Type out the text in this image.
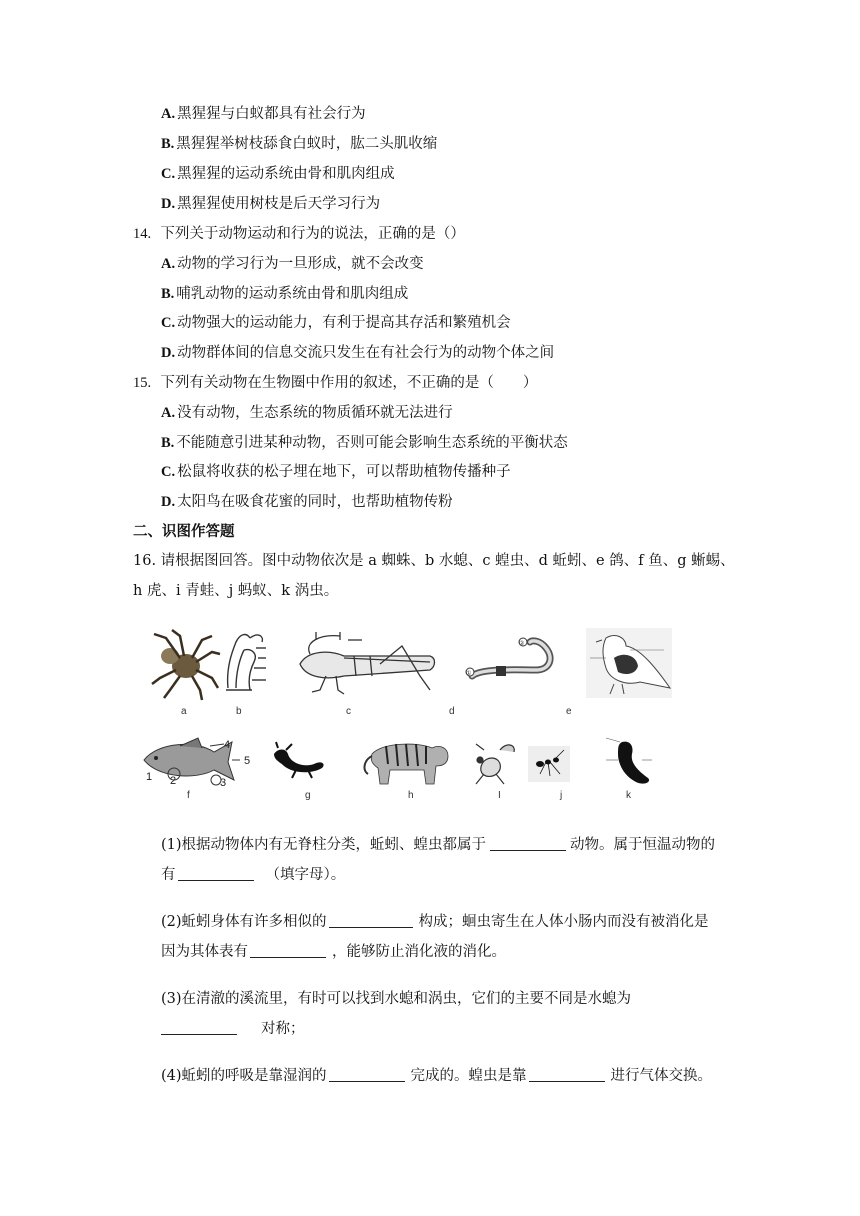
A. 黑猩猩与白蚁都具有社会行为
B. 黑猩猩举树枝舔食白蚁时，肱二头肌收缩
C. 黑猩猩的运动系统由骨和肌肉组成
D. 黑猩猩使用树枝是后天学习行为
14. 下列关于动物运动和行为的说法，正确的是（）
A. 动物的学习行为一旦形成，就不会改变
B. 哺乳动物的运动系统由骨和肌肉组成
C. 动物强大的运动能力，有利于提高其存活和繁殖机会
D. 动物群体间的信息交流只发生在有社会行为的动物个体之间
15. 下列有关动物在生物圈中作用的叙述，不正确的是（　　）
A. 没有动物，生态系统的物质循环就无法进行
B. 不能随意引进某种动物，否则可能会影响生态系统的平衡状态
C. 松鼠将收获的松子埋在地下，可以帮助植物传播种子
D. 太阳鸟在吸食花蜜的同时，也帮助植物传粉
二、识图作答题
16. 请根据图回答。图中动物依次是 a 蜘蛛、b 水螅、c 蝗虫、d 蚯蚓、e 鸽、f 鱼、g 蜥蜴、
h 虎、i 青蛙、j 蚂蚁、k 涡虫。
①
②
a	b	c	d	e
4
5
1 2	3
f	g	h	I	j	k
(1)根据动物体内有无脊柱分类，蚯蚓、蝗虫都属于	动物。属于恒温动物的
有	（填字母）。
(2)蚯蚓身体有许多相似的	构成；蛔虫寄生在人体小肠内而没有被消化是
因为其体表有	，能够防止消化液的消化。
(3)在清澈的溪流里，有时可以找到水螅和涡虫，它们的主要不同是水螅为
对称；
(4)蚯蚓的呼吸是靠湿润的	完成的。蝗虫是靠	进行气体交换。
